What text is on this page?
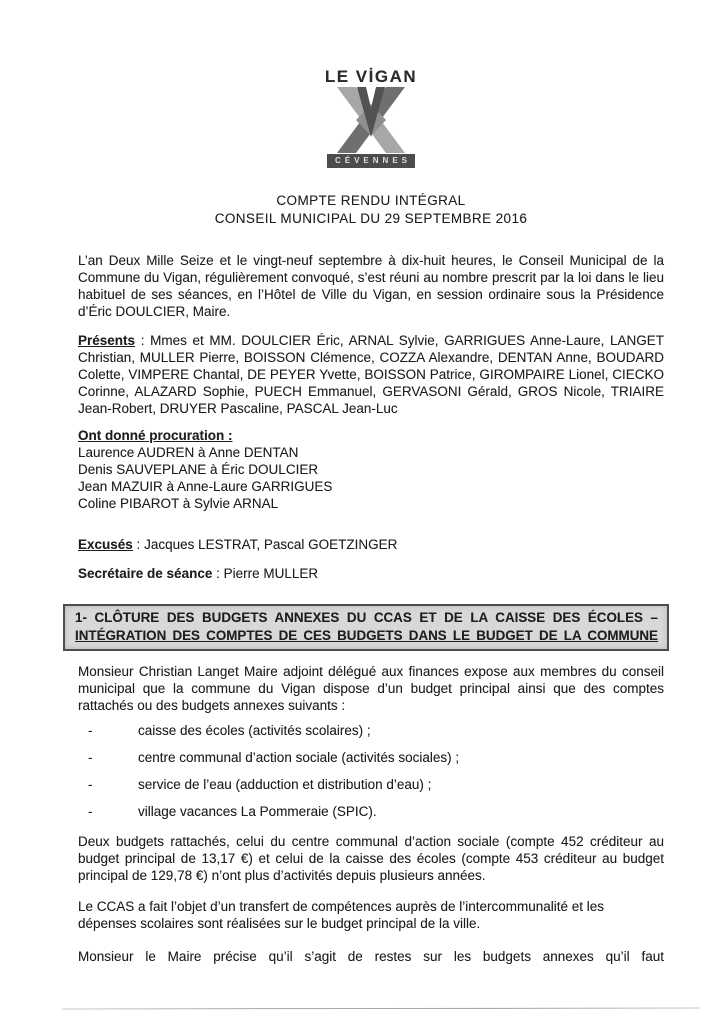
LE VİGAN
CÉVENNES
COMPTE RENDU INTÉGRAL
CONSEIL MUNICIPAL DU 29 SEPTEMBRE 2016

L’an Deux Mille Seize et le vingt-neuf septembre à dix-huit heures, le Conseil Municipal de la Commune du Vigan, régulièrement convoqué, s’est réuni au nombre prescrit par la loi dans le lieu habituel de ses séances, en l’Hôtel de Ville du Vigan, en session ordinaire sous la Présidence d’Éric DOULCIER, Maire.

Présents : Mmes et MM. DOULCIER Éric, ARNAL Sylvie, GARRIGUES Anne-Laure, LANGET Christian, MULLER Pierre, BOISSON Clémence, COZZA Alexandre, DENTAN Anne, BOUDARD Colette, VIMPERE Chantal, DE PEYER Yvette, BOISSON Patrice, GIROMPAIRE Lionel, CIECKO Corinne, ALAZARD Sophie, PUECH Emmanuel, GERVASONI Gérald, GROS Nicole, TRIAIRE Jean-Robert, DRUYER Pascaline, PASCAL Jean-Luc

Ont donné procuration :

Laurence AUDREN à Anne DENTAN

Denis SAUVEPLANE à Éric DOULCIER

Jean MAZUIR à Anne-Laure GARRIGUES

Coline PIBAROT à Sylvie ARNAL

Excusés : Jacques LESTRAT, Pascal GOETZINGER

Secrétaire de séance : Pierre MULLER

1- CLÔTURE DES BUDGETS ANNEXES DU CCAS ET DE LA CAISSE DES ÉCOLES –
INTÉGRATION DES COMPTES DE CES BUDGETS DANS LE BUDGET DE LA COMMUNE

Monsieur Christian Langet Maire adjoint délégué aux finances expose aux membres du conseil municipal que la commune du Vigan dispose d’un budget principal ainsi que des comptes rattachés ou des budgets annexes suivants :

-	caisse des écoles (activités scolaires) ;
-	centre communal d’action sociale (activités sociales) ;
-	service de l’eau (adduction et distribution d’eau) ;
-	village vacances La Pommeraie (SPIC).

Deux budgets rattachés, celui du centre communal d’action sociale (compte 452 créditeur au budget principal de 13,17 €) et celui de la caisse des écoles (compte 453 créditeur au budget principal de 129,78 €) n’ont plus d’activités depuis plusieurs années.

Le CCAS a fait l’objet d’un transfert de compétences auprès de l’intercommunalité et les dépenses scolaires sont réalisées sur le budget principal de la ville.

Monsieur le Maire précise qu’il s’agit de restes sur les budgets annexes qu’il faut
